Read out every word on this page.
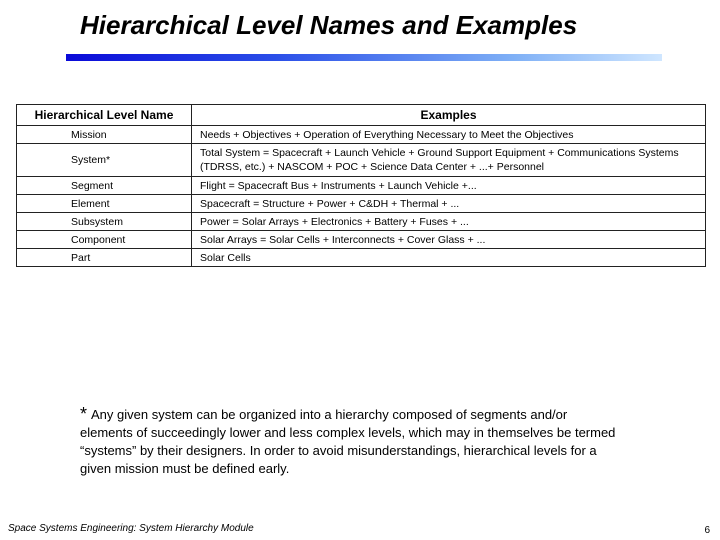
Hierarchical Level Names and Examples
Hierarchical Level Name	Examples
Mission	Needs + Objectives + Operation of Everything Necessary to Meet the Objectives
System*	Total System = Spacecraft + Launch Vehicle + Ground Support Equipment + Communications Systems (TDRSS, etc.) + NASCOM + POC + Science Data Center + ...+ Personnel
Segment	Flight = Spacecraft Bus + Instruments + Launch Vehicle +...
Element	Spacecraft = Structure + Power + C&DH + Thermal + ...
Subsystem	Power = Solar Arrays + Electronics + Battery + Fuses + ...
Component	Solar Arrays = Solar Cells + Interconnects + Cover Glass + ...
Part	Solar Cells
* Any given system can be organized into a hierarchy composed of segments and/or elements of succeedingly lower and less complex levels, which may in themselves be termed “systems” by their designers. In order to avoid misunderstandings, hierarchical levels for a given mission must be defined early.
Space Systems Engineering: System Hierarchy Module	6
